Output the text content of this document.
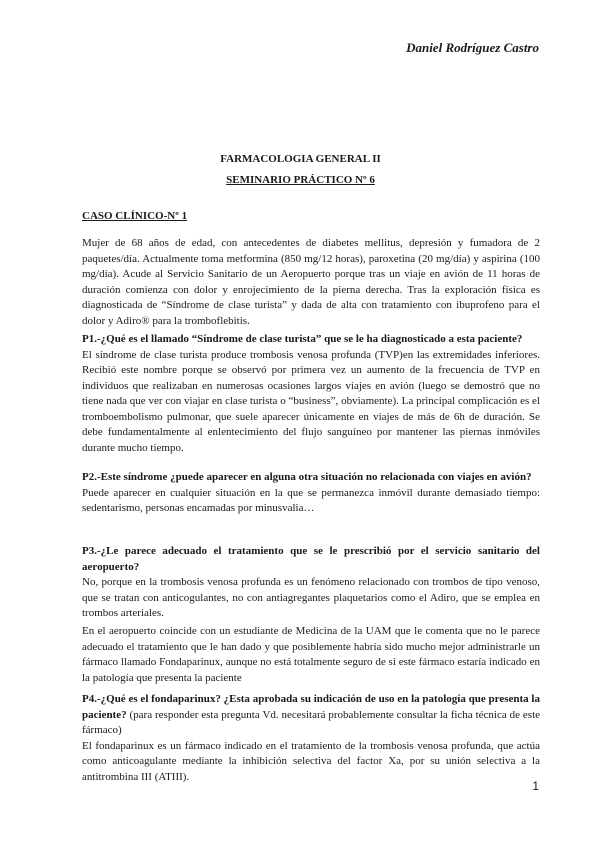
Daniel Rodríguez Castro
FARMACOLOGIA GENERAL II
SEMINARIO PRÁCTICO Nº 6
CASO CLÍNICO-Nº 1
Mujer de 68 años de edad, con antecedentes de diabetes mellitus, depresión y fumadora de 2 paquetes/día. Actualmente toma metformina (850 mg/12 horas), paroxetina (20 mg/día) y aspirina (100 mg/día). Acude al Servicio Sanitario de un Aeropuerto porque tras un viaje en avión de 11 horas de duración comienza con dolor y enrojecimiento de la pierna derecha. Tras la exploración física es diagnosticada de “Síndrome de clase turista” y dada de alta con tratamiento con ibuprofeno para el dolor y Adiro® para la tromboflebitis.
P1.-¿Qué es el llamado “Síndrome de clase turista” que se le ha diagnosticado a esta paciente?
El síndrome de clase turista produce trombosis venosa profunda (TVP)en las extremidades inferiores. Recibió este nombre porque se observó por primera vez un aumento de la frecuencia de TVP en individuos que realizaban en numerosas ocasiones largos viajes en avión (luego se demostró que no tiene nada que ver con viajar en clase turista o “business”, obviamente). La principal complicación es el tromboembolismo pulmonar, que suele aparecer únicamente en viajes de más de 6h de duración. Se debe fundamentalmente al enlentecimiento del flujo sanguíneo por mantener las piernas inmóviles durante mucho tiempo.
P2.-Este síndrome ¿puede aparecer en alguna otra situación no relacionada con viajes en avión?
Puede aparecer en cualquier situación en la que se permanezca inmóvil durante demasiado tiempo: sedentarismo, personas encamadas por minusvalia…
P3.-¿Le parece adecuado el tratamiento que se le prescribió por el servicio sanitario del aeropuerto?
No, porque en la trombosis venosa profunda es un fenómeno relacionado con trombos de tipo venoso, que se tratan con anticogulantes, no con antiagregantes plaquetarios como el Adiro, que se emplea en trombos arteriales.
En el aeropuerto coincide con un estudiante de Medicina de la UAM que le comenta que no le parece adecuado el tratamiento que le han dado y que posiblemente habría sido mucho mejor administrarle un fármaco llamado Fondaparinux, aunque no está totalmente seguro de si este fármaco estaría indicado en la patología que presenta la paciente
P4.-¿Qué es el fondaparinux? ¿Esta aprobada su indicación de uso en la patología que presenta la paciente? (para responder esta pregunta Vd. necesitará probablemente consultar la ficha técnica de este fármaco)
El fondaparinux es un fármaco indicado en el tratamiento de la trombosis venosa profunda, que actúa como anticoagulante mediante la inhibición selectiva del factor Xa, por su unión selectiva a la antitrombina III (ATIII).
1
